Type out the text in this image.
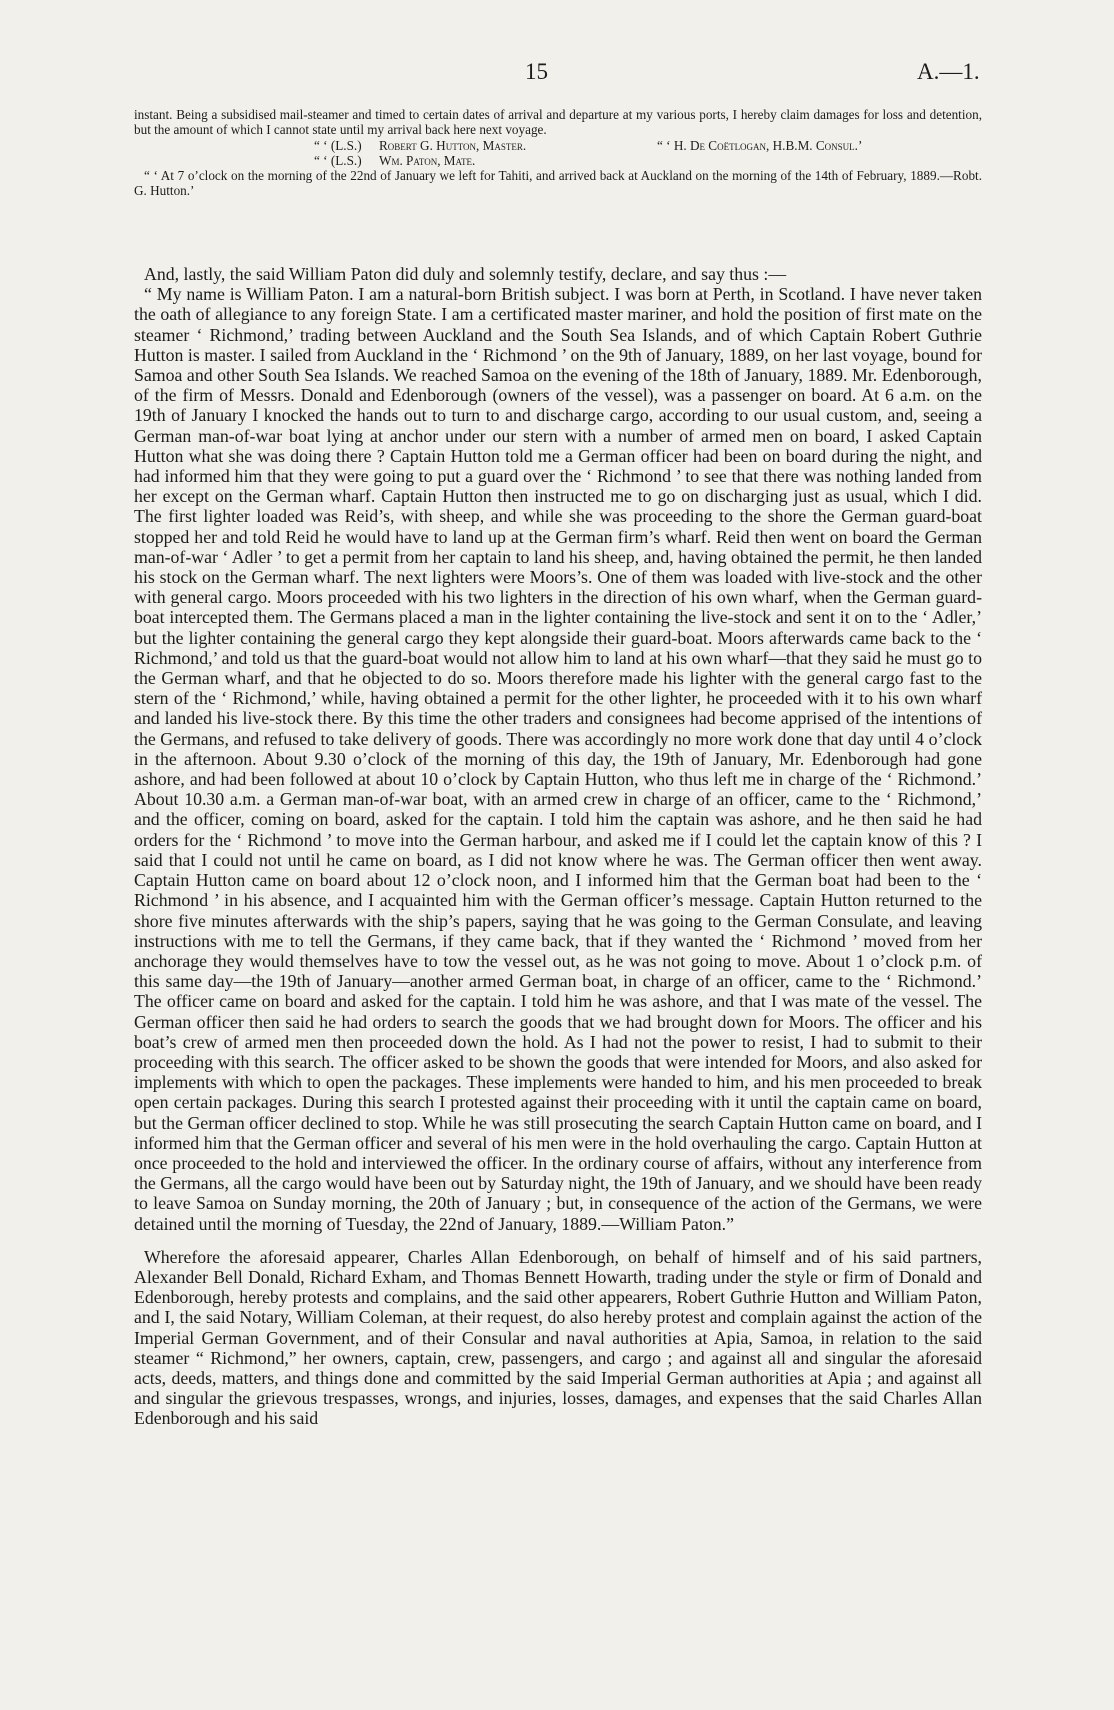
15	A.—1.

instant. Being a subsidised mail-steamer and timed to certain dates of arrival and departure at my various ports, I hereby claim damages for loss and detention, but the amount of which I cannot state until my arrival back here next voyage.

“ ‘ (L.S.) Robert G. Hutton, Master.	“ ‘ H. De Coëtlogan, H.B.M. Consul.’
“ ‘ (L.S.) Wm. Paton, Mate.

“ ‘ At 7 o’clock on the morning of the 22nd of January we left for Tahiti, and arrived back at Auckland on the morning of the 14th of February, 1889.—Robt. G. Hutton.’

And, lastly, the said William Paton did duly and solemnly testify, declare, and say thus :—

“ My name is William Paton. I am a natural-born British subject. I was born at Perth, in Scotland. I have never taken the oath of allegiance to any foreign State. I am a certificated master mariner, and hold the position of first mate on the steamer ‘ Richmond,’ trading between Auckland and the South Sea Islands, and of which Captain Robert Guthrie Hutton is master. I sailed from Auckland in the ‘ Richmond ’ on the 9th of January, 1889, on her last voyage, bound for Samoa and other South Sea Islands. We reached Samoa on the evening of the 18th of January, 1889. Mr. Edenborough, of the firm of Messrs. Donald and Edenborough (owners of the vessel), was a passenger on board. At 6 a.m. on the 19th of January I knocked the hands out to turn to and discharge cargo, according to our usual custom, and, seeing a German man-of-war boat lying at anchor under our stern with a number of armed men on board, I asked Captain Hutton what she was doing there ? Captain Hutton told me a German officer had been on board during the night, and had informed him that they were going to put a guard over the ‘ Richmond ’ to see that there was nothing landed from her except on the German wharf. Captain Hutton then instructed me to go on discharging just as usual, which I did. The first lighter loaded was Reid’s, with sheep, and while she was proceeding to the shore the German guard-boat stopped her and told Reid he would have to land up at the German firm’s wharf. Reid then went on board the German man-of-war ‘ Adler ’ to get a permit from her captain to land his sheep, and, having obtained the permit, he then landed his stock on the German wharf. The next lighters were Moors’s. One of them was loaded with live-stock and the other with general cargo. Moors proceeded with his two lighters in the direction of his own wharf, when the German guard-boat intercepted them. The Germans placed a man in the lighter containing the live-stock and sent it on to the ‘ Adler,’ but the lighter containing the general cargo they kept alongside their guard-boat. Moors afterwards came back to the ‘ Richmond,’ and told us that the guard-boat would not allow him to land at his own wharf—that they said he must go to the German wharf, and that he objected to do so. Moors therefore made his lighter with the general cargo fast to the stern of the ‘ Richmond,’ while, having obtained a permit for the other lighter, he proceeded with it to his own wharf and landed his live-stock there. By this time the other traders and consignees had become apprised of the intentions of the Germans, and refused to take delivery of goods. There was accordingly no more work done that day until 4 o’clock in the afternoon. About 9.30 o’clock of the morning of this day, the 19th of January, Mr. Edenborough had gone ashore, and had been followed at about 10 o’clock by Captain Hutton, who thus left me in charge of the ‘ Richmond.’ About 10.30 a.m. a German man-of-war boat, with an armed crew in charge of an officer, came to the ‘ Richmond,’ and the officer, coming on board, asked for the captain. I told him the captain was ashore, and he then said he had orders for the ‘ Richmond ’ to move into the German harbour, and asked me if I could let the captain know of this ? I said that I could not until he came on board, as I did not know where he was. The German officer then went away. Captain Hutton came on board about 12 o’clock noon, and I informed him that the German boat had been to the ‘ Richmond ’ in his absence, and I acquainted him with the German officer’s message. Captain Hutton returned to the shore five minutes afterwards with the ship’s papers, saying that he was going to the German Consulate, and leaving instructions with me to tell the Germans, if they came back, that if they wanted the ‘ Richmond ’ moved from her anchorage they would themselves have to tow the vessel out, as he was not going to move. About 1 o’clock p.m. of this same day—the 19th of January—another armed German boat, in charge of an officer, came to the ‘ Richmond.’ The officer came on board and asked for the captain. I told him he was ashore, and that I was mate of the vessel. The German officer then said he had orders to search the goods that we had brought down for Moors. The officer and his boat’s crew of armed men then proceeded down the hold. As I had not the power to resist, I had to submit to their proceeding with this search. The officer asked to be shown the goods that were intended for Moors, and also asked for implements with which to open the packages. These implements were handed to him, and his men proceeded to break open certain packages. During this search I protested against their proceeding with it until the captain came on board, but the German officer declined to stop. While he was still prosecuting the search Captain Hutton came on board, and I informed him that the German officer and several of his men were in the hold overhauling the cargo. Captain Hutton at once proceeded to the hold and interviewed the officer. In the ordinary course of affairs, without any interference from the Germans, all the cargo would have been out by Saturday night, the 19th of January, and we should have been ready to leave Samoa on Sunday morning, the 20th of January ; but, in consequence of the action of the Germans, we were detained until the morning of Tuesday, the 22nd of January, 1889.—William Paton.”

Wherefore the aforesaid appearer, Charles Allan Edenborough, on behalf of himself and of his said partners, Alexander Bell Donald, Richard Exham, and Thomas Bennett Howarth, trading under the style or firm of Donald and Edenborough, hereby protests and complains, and the said other appearers, Robert Guthrie Hutton and William Paton, and I, the said Notary, William Coleman, at their request, do also hereby protest and complain against the action of the Imperial German Government, and of their Consular and naval authorities at Apia, Samoa, in relation to the said steamer “ Richmond,” her owners, captain, crew, passengers, and cargo ; and against all and singular the aforesaid acts, deeds, matters, and things done and committed by the said Imperial German authorities at Apia ; and against all and singular the grievous trespasses, wrongs, and injuries, losses, damages, and expenses that the said Charles Allan Edenborough and his said
